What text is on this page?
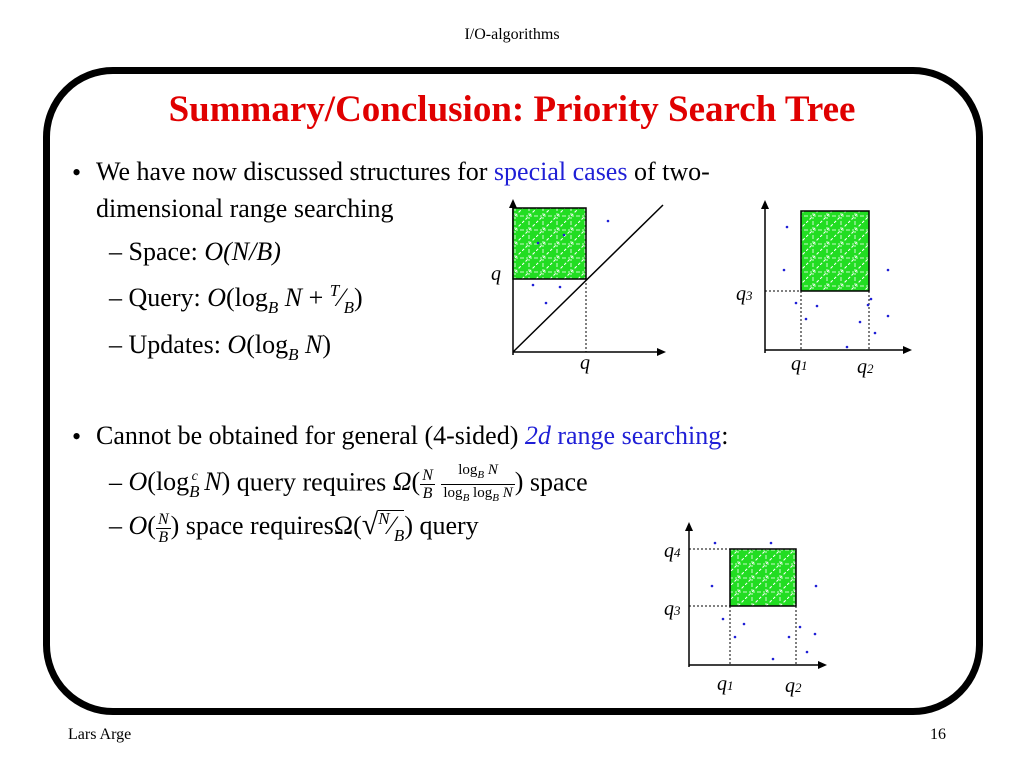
I/O-algorithms
Summary/Conclusion: Priority Search Tree
• We have now discussed structures for special cases of two-
dimensional range searching
– Space: O(N/B)
– Query: $O(\log_B$ $N + ^T⁄_B$)
– Updates: $O(\log_B$ N)
• Cannot be obtained for general (4-sided) 2d range searching:
– $O(\log_B^c$ N) query requires $\Omega( \frac{N}{B}$
$\frac{\log_B N}{\log_B \log_B N}$ ) space
– $O( \frac{N}{B}$ ) space $requires\Omega(√^N⁄_B)$ query
q
q
q3
q1 q2
q4
q3
q1	q2
Lars Arge	16
